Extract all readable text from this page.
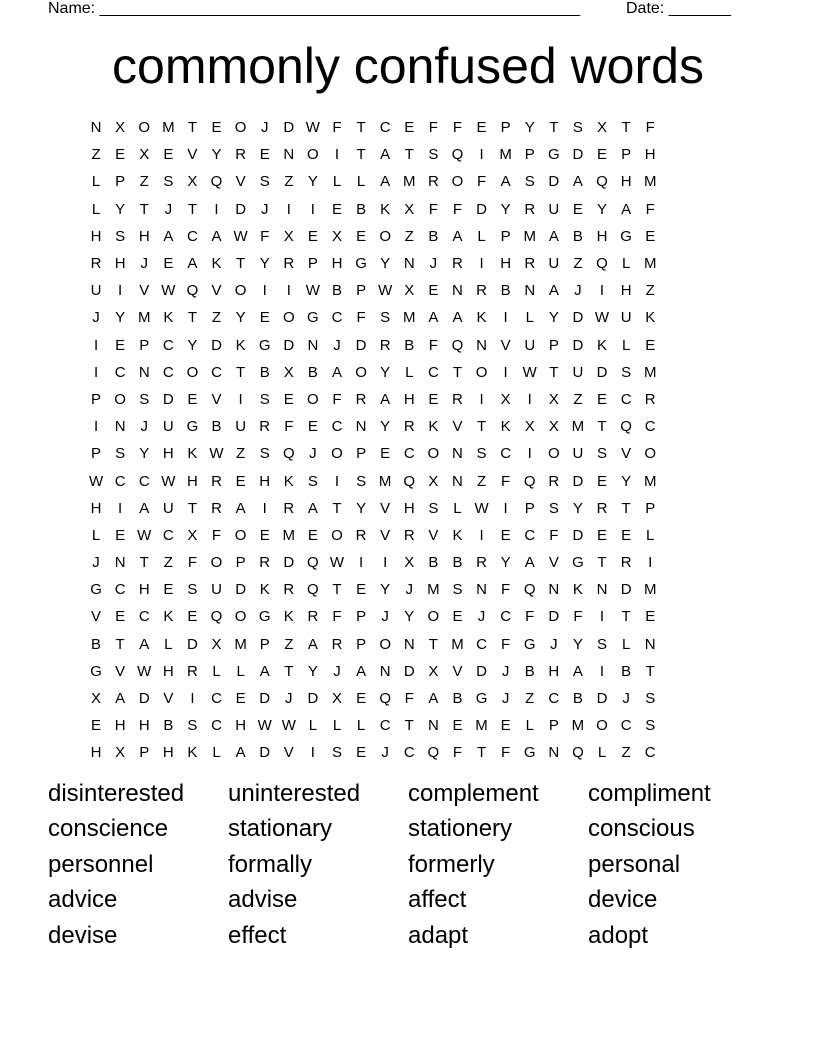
Name: ______________________________________________________	Date: _______
commonly confused words
N X O M T E O J D W F T C E F F E P Y T S X T F
Z E X E V Y R E N O	I	T A T S Q	I	M P G D E P H
L P Z S X Q V S Z Y L	L A M R O F A S D A Q H M
L Y T	J	T	I	D J	I	I	E B K X F F D Y R U E Y A F
H S H A C A W F X E X E O Z B A L P M A B H G E
R H J	E A K T Y R P H G Y N J R	I	H R U Z Q L M
U	I	V W Q V O	I	I W B P W X E N R B N A	J	I	H Z
J	Y M K T Z Y E O G C F S M A A K	I	L Y D W U K
I	E P C Y D K G D N J D R B F Q N V U P D K L E
I	C N C O C T B X B A O Y L C T O	I W T U D S M
P O S D E V	I	S E O F R A H E R	I	X	I	X Z E C R
I	N J U G B U R F E C N Y R K V T K X X M T Q C
P S Y H K W Z S Q J O P E C O N S C	I	O U S V O
W C C W H R E H K S	I	S M Q X N Z F Q R D E Y M
H	I	A U T R A	I	R A T Y V H S L W I	P S Y R T P
L E W C X F O E M E O R V R V K	I	E C F D E E L
J N T Z F O P R D Q W I	I	X B B R Y A V G T R	I
G C H E S U D K R Q T E Y	J M S N F Q N K N D M
V E C K E Q O G K R F P	J	Y O E	J C F D F	I	T E
B T A L D X M P Z A R P O N T M C F G J	Y S L N
G V W H R L	L A T Y	J	A N D X V D J	B H A	I	B T
X A D V	I	C E D J D X E Q F A B G J	Z C B D J	S
E H H B S C H W W L	L	L C T N E M E L P M O C S
H X P H K L A D V	I	S E	J C Q F T F G N Q L	Z C
disinterested	uninterested	complement	compliment
conscience	stationary	stationery	conscious
personnel	formally	formerly	personal
advice	advise	affect	device
devise	effect	adapt	adopt
